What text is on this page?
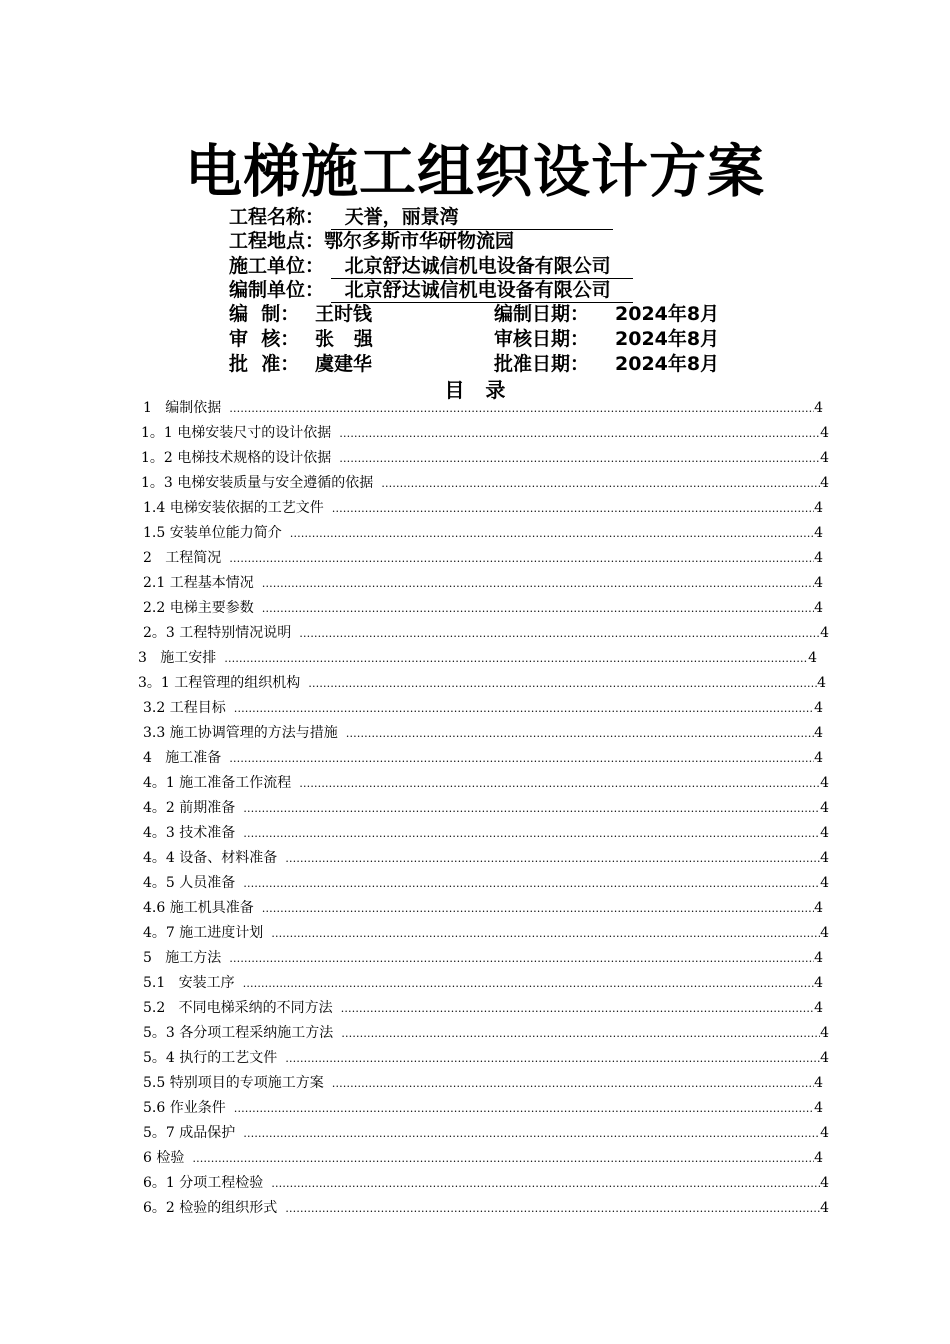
电梯施工组织设计方案
工程名称： 天誉，丽景湾
工程地点：鄂尔多斯市华研物流园
施工单位： 北京舒达诚信机电设备有限公司
编制单位： 北京舒达诚信机电设备有限公司
编  制： 王时钱	编制日期： 2024年8月
审  核： 张   强	审核日期： 2024年8月
批  准： 虞建华	批准日期： 2024年8月
目   录
1   编制依据 ……………………………………………………………………………………………………………………………………………………………………………………	4
1。1 电梯安装尺寸的设计依据 ……………………………………………………………………………………………………………………………………………………………………………………	4
1。2 电梯技术规格的设计依据 ……………………………………………………………………………………………………………………………………………………………………………………	4
1。3 电梯安装质量与安全遵循的依据 ……………………………………………………………………………………………………………………………………………………………………………………	4
1.4 电梯安装依据的工艺文件 ……………………………………………………………………………………………………………………………………………………………………………………	4
1.5 安装单位能力简介 ……………………………………………………………………………………………………………………………………………………………………………………	4
2   工程简况 ……………………………………………………………………………………………………………………………………………………………………………………	4
2.1 工程基本情况 ……………………………………………………………………………………………………………………………………………………………………………………	4
2.2 电梯主要参数 ……………………………………………………………………………………………………………………………………………………………………………………	4
2。3 工程特别情况说明 ……………………………………………………………………………………………………………………………………………………………………………………	4
3   施工安排 ……………………………………………………………………………………………………………………………………………………………………………………	4
3。1 工程管理的组织机构 ……………………………………………………………………………………………………………………………………………………………………………………	4
3.2 工程目标 ……………………………………………………………………………………………………………………………………………………………………………………	4
3.3 施工协调管理的方法与措施 ……………………………………………………………………………………………………………………………………………………………………………………	4
4   施工准备 ……………………………………………………………………………………………………………………………………………………………………………………	4
4。1 施工准备工作流程 ……………………………………………………………………………………………………………………………………………………………………………………	4
4。2 前期准备 ……………………………………………………………………………………………………………………………………………………………………………………	4
4。3 技术准备 ……………………………………………………………………………………………………………………………………………………………………………………	4
4。4 设备、材料准备 ……………………………………………………………………………………………………………………………………………………………………………………	4
4。5 人员准备 ……………………………………………………………………………………………………………………………………………………………………………………	4
4.6 施工机具准备 ……………………………………………………………………………………………………………………………………………………………………………………	4
4。7 施工进度计划 ……………………………………………………………………………………………………………………………………………………………………………………	4
5   施工方法 ……………………………………………………………………………………………………………………………………………………………………………………	4
5.1   安装工序 ……………………………………………………………………………………………………………………………………………………………………………………	4
5.2   不同电梯采纳的不同方法 ……………………………………………………………………………………………………………………………………………………………………………………	4
5。3 各分项工程采纳施工方法 ……………………………………………………………………………………………………………………………………………………………………………………	4
5。4 执行的工艺文件 ……………………………………………………………………………………………………………………………………………………………………………………	4
5.5 特别项目的专项施工方案 ……………………………………………………………………………………………………………………………………………………………………………………	4
5.6 作业条件 ……………………………………………………………………………………………………………………………………………………………………………………	4
5。7 成品保护 ……………………………………………………………………………………………………………………………………………………………………………………	4
6 检验 ……………………………………………………………………………………………………………………………………………………………………………………	4
6。1 分项工程检验 ……………………………………………………………………………………………………………………………………………………………………………………	4
6。2 检验的组织形式 ……………………………………………………………………………………………………………………………………………………………………………………	4
